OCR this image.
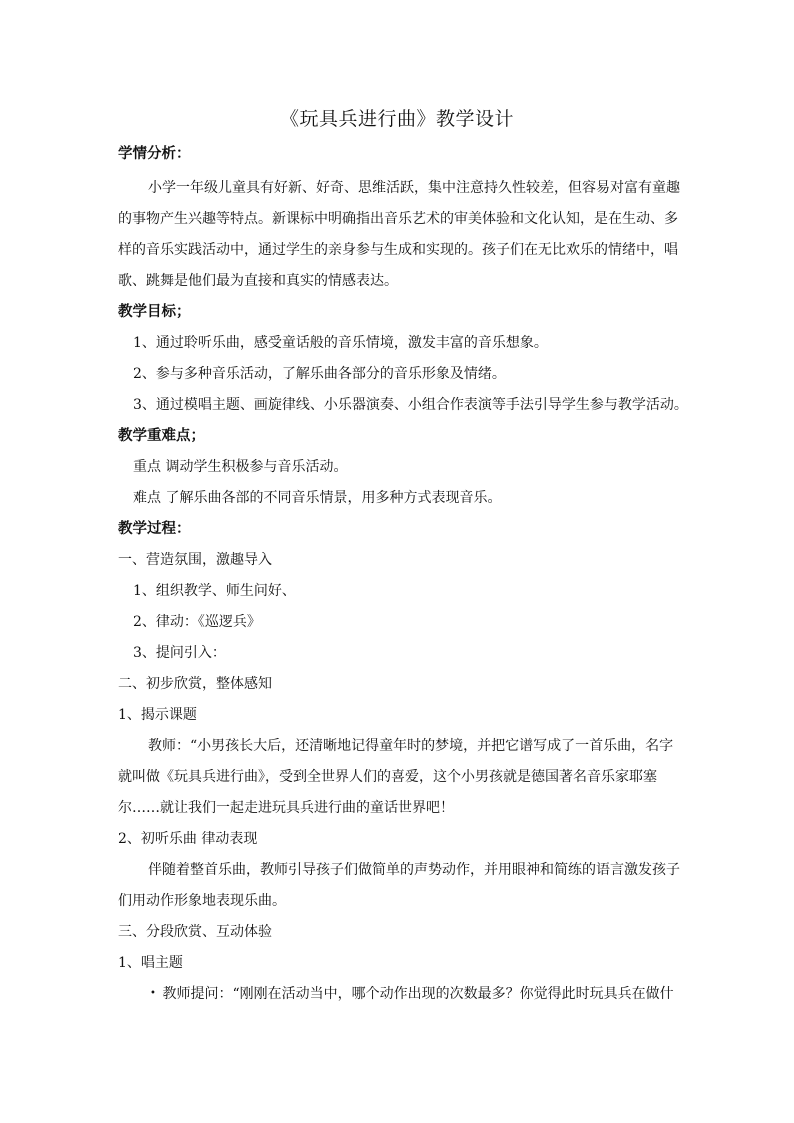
《玩具兵进行曲》教学设计
学情分析：
小学一年级儿童具有好新、好奇、思维活跃，集中注意持久性较差，但容易对富有童趣
的事物产生兴趣等特点。新课标中明确指出音乐艺术的审美体验和文化认知，是在生动、多
样的音乐实践活动中，通过学生的亲身参与生成和实现的。孩子们在无比欢乐的情绪中，唱
歌、跳舞是他们最为直接和真实的情感表达。
教学目标；
1、通过聆听乐曲，感受童话般的音乐情境，激发丰富的音乐想象。
2、参与多种音乐活动，了解乐曲各部分的音乐形象及情绪。
3、通过模唱主题、画旋律线、小乐器演奏、小组合作表演等手法引导学生参与教学活动。
教学重难点；
重点 调动学生积极参与音乐活动。
难点 了解乐曲各部的不同音乐情景，用多种方式表现音乐。
教学过程：
一、营造氛围，激趣导入
1、组织教学、师生问好、
2、律动：《巡逻兵》
3、提问引入：
二、初步欣赏，整体感知
1、揭示课题
教师：“小男孩长大后，还清晰地记得童年时的梦境，并把它谱写成了一首乐曲，名字
就叫做《玩具兵进行曲》，受到全世界人们的喜爱，这个小男孩就是德国著名音乐家耶塞
尔……就让我们一起走进玩具兵进行曲的童话世界吧！
2、初听乐曲 律动表现
伴随着整首乐曲，教师引导孩子们做简单的声势动作，并用眼神和简练的语言激发孩子
们用动作形象地表现乐曲。
三、分段欣赏、互动体验
1、唱主题
• 教师提问：“刚刚在活动当中，哪个动作出现的次数最多？你觉得此时玩具兵在做什
